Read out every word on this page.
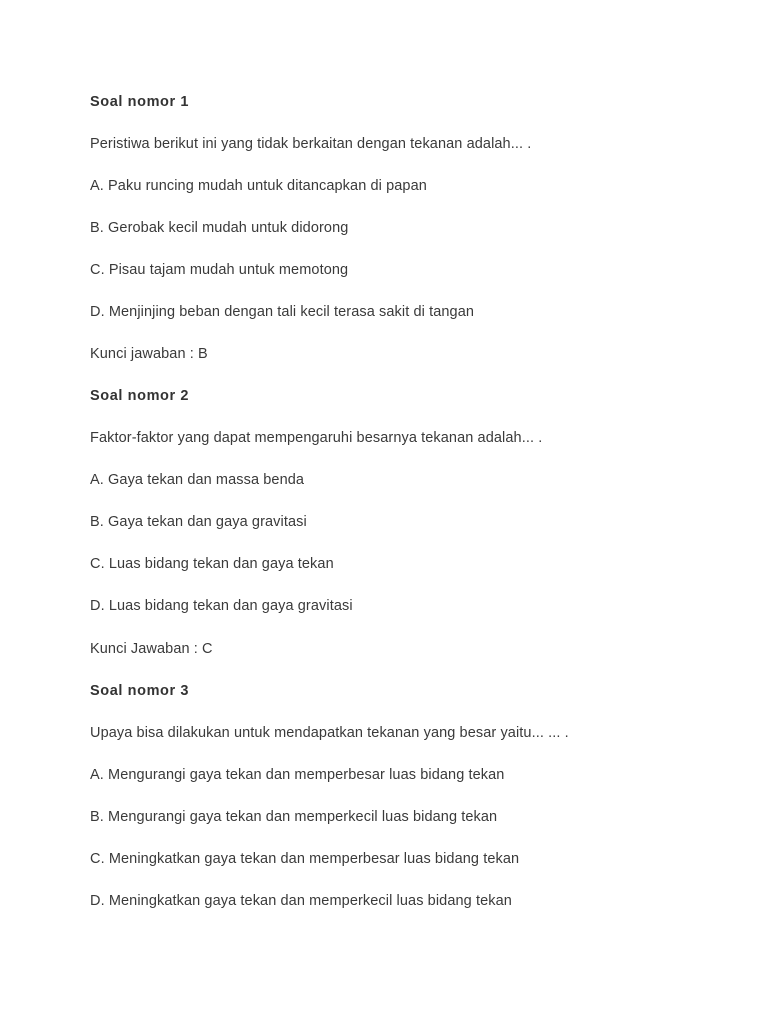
Soal nomor 1
Peristiwa berikut ini yang tidak berkaitan dengan tekanan adalah... .
A. Paku runcing mudah untuk ditancapkan di papan
B. Gerobak kecil mudah untuk didorong
C. Pisau tajam mudah untuk memotong
D. Menjinjing beban dengan tali kecil terasa sakit di tangan
Kunci jawaban : B
Soal nomor 2
Faktor-faktor yang dapat mempengaruhi besarnya tekanan adalah... .
A. Gaya tekan dan massa benda
B. Gaya tekan dan gaya gravitasi
C. Luas bidang tekan dan gaya tekan
D. Luas bidang tekan dan gaya gravitasi
Kunci Jawaban : C
Soal nomor 3
Upaya bisa dilakukan untuk mendapatkan tekanan yang besar yaitu... ... .
A. Mengurangi gaya tekan dan memperbesar luas bidang tekan
B. Mengurangi gaya tekan dan memperkecil luas bidang tekan
C. Meningkatkan gaya tekan dan memperbesar luas bidang tekan
D. Meningkatkan gaya tekan dan memperkecil luas bidang tekan
